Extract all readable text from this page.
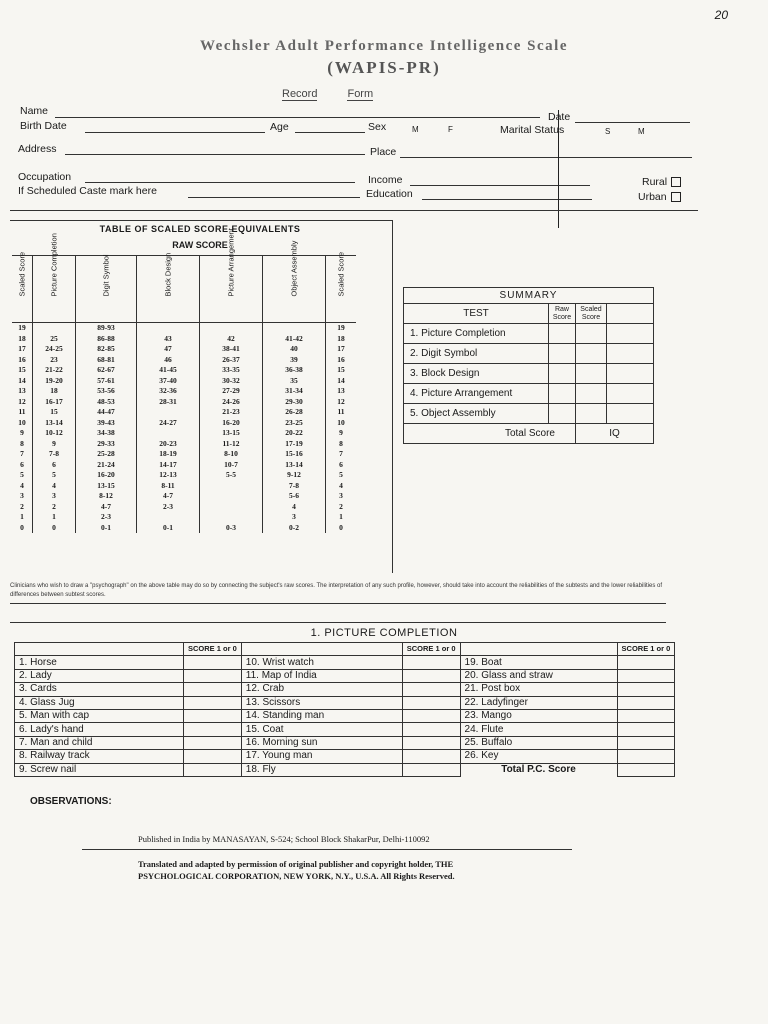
20
Wechsler Adult Performance Intelligence Scale
(WAPIS-PR)
Record	Form
Name	Date
Birth Date	Age	Sex	M	F	Marital Status	S	M
Address	Place
Occupation	Income	Rural
If Scheduled Caste mark here	Education	Urban
TABLE OF SCALED SCORE EQUIVALENTS
RAW SCORE
Scaled Score	Picture Completion	Digit Symbol	Block Design	Picture Arrangement	Object Assembly	Scaled Score

19		89-93				19
18	25	86-88	43	42	41-42	18
17	24-25	82-85	47	38-41	40	17
16	23	68-81	46	26-37	39	16
15	21-22	62-67	41-45	33-35	36-38	15
14	19-20	57-61	37-40	30-32	35	14
13	18	53-56	32-36	27-29	31-34	13
12	16-17	48-53	28-31	24-26	29-30	12
11	15	44-47		21-23	26-28	11
10	13-14	39-43	24-27	16-20	23-25	10
9	10-12	34-38		13-15	20-22	9
8	9	29-33	20-23	11-12	17-19	8
7	7-8	25-28	18-19	8-10	15-16	7
6	6	21-24	14-17	10-7	13-14	6
5	5	16-20	12-13	5-5	9-12	5
4	4	13-15	8-11		7-8	4
3	3	8-12	4-7		5-6	3
2	2	4-7	2-3		4	2
1	1	2-3			3	1
0	0	0-1	0-1	0-3	0-2	0
Clinicians who wish to draw a "psychograph" on the above table may do so by connecting the subject's raw scores. The interpretation of any such profile, however, should take into account the reliabilities of the subtests and the lower reliabilities of differences between subtest scores.
SUMMARY			
TEST	Raw Score	Scaled Score	
1. Picture Completion			
2. Digit Symbol			
3. Block Design			
4. Picture Arrangement			
5. Object Assembly			
Total Score		IQ	
1. PICTURE COMPLETION
	SCORE 1 or 0		SCORE 1 or 0		SCORE 1 or 0
1. Horse		10. Wrist watch		19. Boat	
2. Lady		11. Map of India		20. Glass and straw	
3. Cards		12. Crab		21. Post box	
4. Glass Jug		13. Scissors		22. Ladyfinger	
5. Man with cap		14. Standing man		23. Mango	
6. Lady's hand		15. Coat		24. Flute	
7. Man and child		16. Morning sun		25. Buffalo	
8. Railway track		17. Young man		26. Key	
9. Screw nail		18. Fly		Total P.C. Score	
OBSERVATIONS:
Published in India by MANASAYAN, S-524; School Block ShakarPur, Delhi-110092
Translated and adapted by permission of original publisher and copyright holder, THE
PSYCHOLOGICAL CORPORATION, NEW YORK, N.Y., U.S.A. All Rights Reserved.
